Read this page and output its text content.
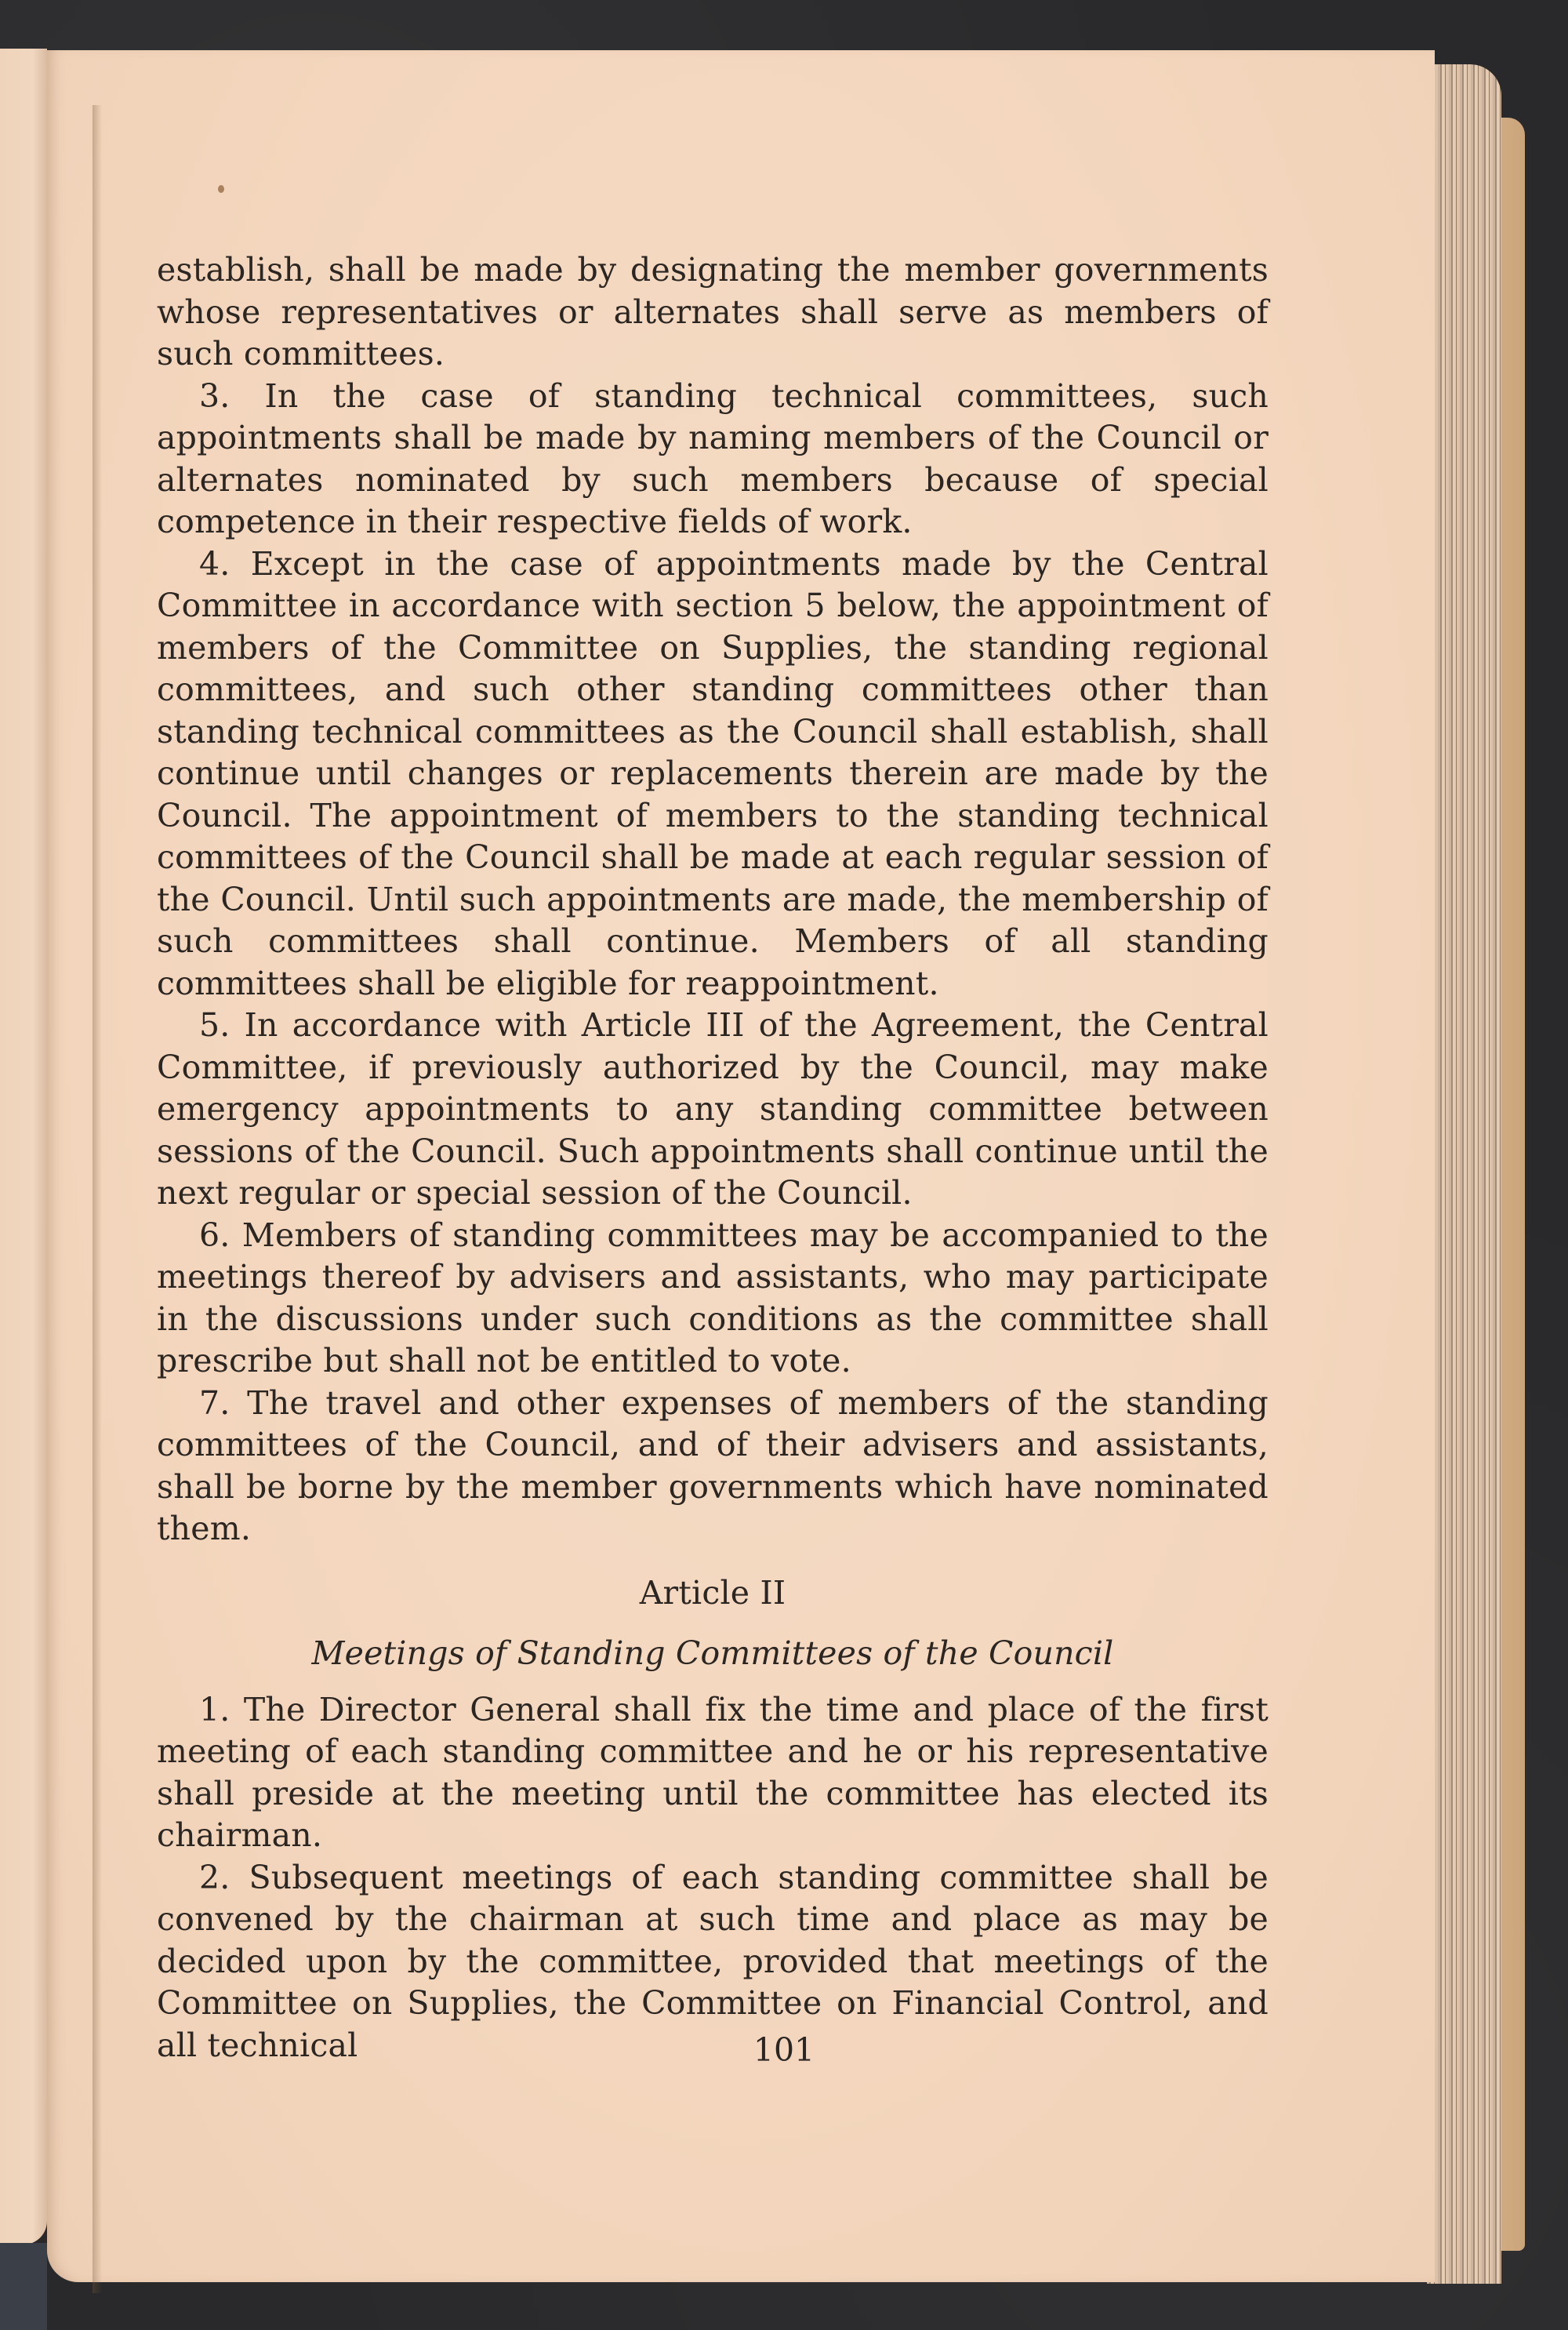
establish, shall be made by designating the member governments whose representatives or alternates shall serve as members of such committees.

3. In the case of standing technical committees, such appointments shall be made by naming members of the Council or alternates nominated by such members because of special competence in their respective fields of work.

4. Except in the case of appointments made by the Central Committee in accordance with section 5 below, the appointment of members of the Committee on Supplies, the standing regional committees, and such other standing committees other than standing technical committees as the Council shall establish, shall continue until changes or replacements therein are made by the Council. The appointment of members to the standing technical committees of the Council shall be made at each regular session of the Council. Until such appointments are made, the membership of such committees shall continue. Members of all standing committees shall be eligible for reappointment.

5. In accordance with Article III of the Agreement, the Central Committee, if previously authorized by the Council, may make emergency appointments to any standing committee between sessions of the Council. Such appointments shall continue until the next regular or special session of the Council.

6. Members of standing committees may be accompanied to the meetings thereof by advisers and assistants, who may participate in the discussions under such conditions as the committee shall prescribe but shall not be entitled to vote.

7. The travel and other expenses of members of the standing committees of the Council, and of their advisers and assistants, shall be borne by the member governments which have nominated them.

Article II

Meetings of Standing Committees of the Council

1. The Director General shall fix the time and place of the first meeting of each standing committee and he or his representative shall preside at the meeting until the committee has elected its chairman.

2. Subsequent meetings of each standing committee shall be convened by the chairman at such time and place as may be decided upon by the committee, provided that meetings of the Committee on Supplies, the Committee on Financial Control, and all technical	101
